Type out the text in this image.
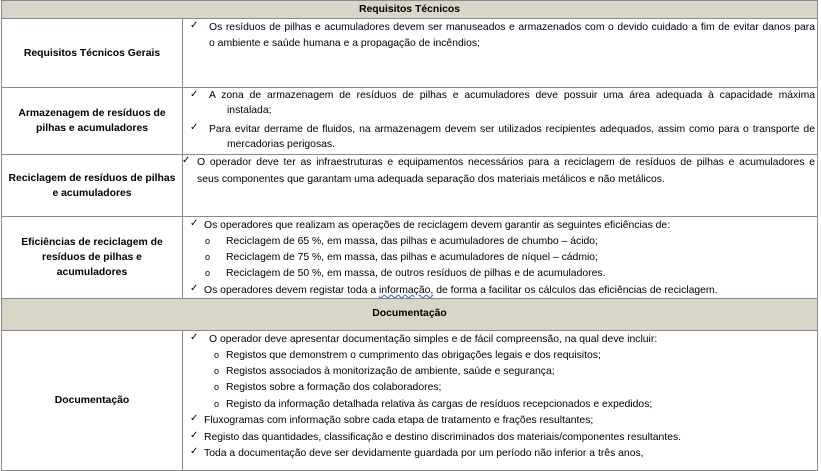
Requisitos Técnicos
Requisitos Técnicos Gerais
✓ Os resíduos de pilhas e acumuladores devem ser manuseados e armazenados com o devido cuidado a fim de evitar danos para
o ambiente e saúde humana e a propagação de incêndios;
Armazenagem de resíduos de pilhas e acumuladores
✓ A zona de armazenagem de resíduos de pilhas e acumuladores deve possuir uma área adequada à capacidade máxima
instalada;
✓ Para evitar derrame de fluidos, na armazenagem devem ser utilizados recipientes adequados, assim como para o transporte de
mercadorias perigosas.
Reciclagem de resíduos de pilhas e acumuladores
✓ O operador deve ter as infraestruturas e equipamentos necessários para a reciclagem de resíduos de pilhas e acumuladores e
seus componentes que garantam uma adequada separação dos materiais metálicos e não metálicos.
Eficiências de reciclagem de resíduos de pilhas e acumuladores
✓ Os operadores que realizam as operações de reciclagem devem garantir as seguintes eficiências de:
o Reciclagem de 65 %, em massa, das pilhas e acumuladores de chumbo – ácido;
o Reciclagem de 75 %, em massa, das pilhas e acumuladores de níquel – cádmio;
o Reciclagem de 50 %, em massa, de outros resíduos de pilhas e de acumuladores.
✓ Os operadores devem registar toda a informação, de forma a facilitar os cálculos das eficiências de reciclagem.
Documentação
Documentação
✓ O operador deve apresentar documentação simples e de fácil compreensão, na qual deve incluir:
o Registos que demonstrem o cumprimento das obrigações legais e dos requisitos;
o Registos associados à monitorização de ambiente, saúde e segurança;
o Registos sobre a formação dos colaboradores;
o Registo da informação detalhada relativa às cargas de resíduos recepcionados e expedidos;
✓ Fluxogramas com informação sobre cada etapa de tratamento e frações resultantes;
✓ Registo das quantidades, classificação e destino discriminados dos materiais/componentes resultantes.
✓ Toda a documentação deve ser devidamente guardada por um período não inferior a três anos,
